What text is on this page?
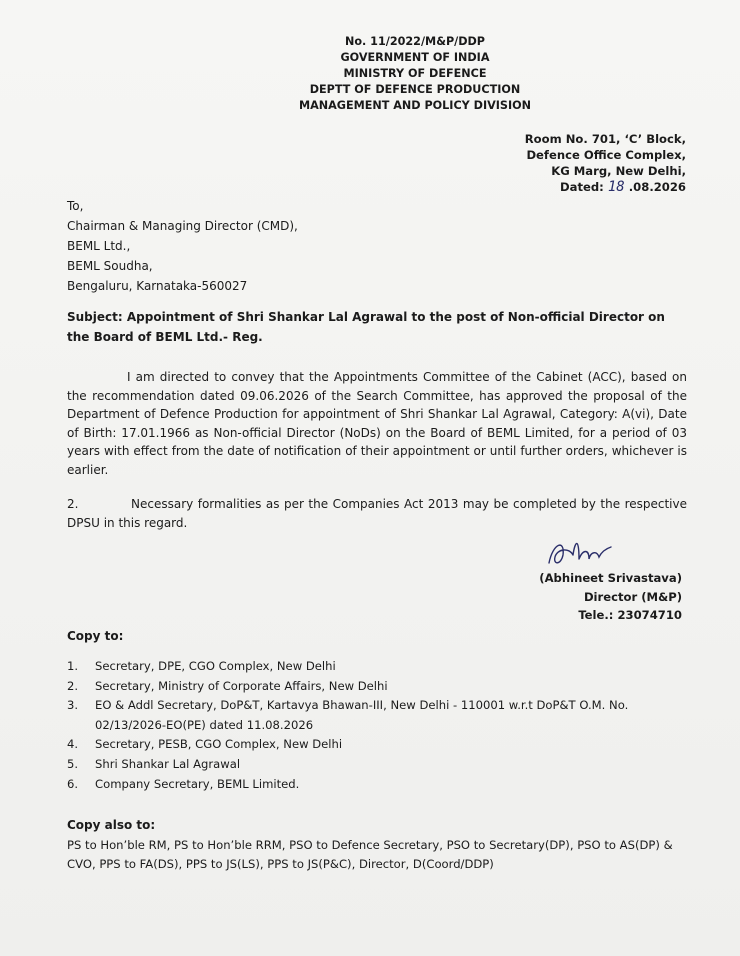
No. 11/2022/M&P/DDP
GOVERNMENT OF INDIA
MINISTRY OF DEFENCE
DEPTT OF DEFENCE PRODUCTION
MANAGEMENT AND POLICY DIVISION
Room No. 701, ‘C’ Block,
Defence Office Complex,
KG Marg, New Delhi,
Dated: 18 .08.2026
To,
Chairman & Managing Director (CMD),
BEML Ltd.,
BEML Soudha,
Bengaluru, Karnataka-560027
Subject: Appointment of Shri Shankar Lal Agrawal to the post of Non-official Director on the Board of BEML Ltd.- Reg.
I am directed to convey that the Appointments Committee of the Cabinet (ACC), based on the recommendation dated 09.06.2026 of the Search Committee, has approved the proposal of the Department of Defence Production for appointment of Shri Shankar Lal Agrawal, Category: A(vi), Date of Birth: 17.01.1966 as Non-official Director (NoDs) on the Board of BEML Limited, for a period of 03 years with effect from the date of notification of their appointment or until further orders, whichever is earlier.
2.	Necessary formalities as per the Companies Act 2013 may be completed by the respective DPSU in this regard.
(Abhineet Srivastava)
Director (M&P)
Tele.: 23074710
Copy to:
1.	Secretary, DPE, CGO Complex, New Delhi
2.	Secretary, Ministry of Corporate Affairs, New Delhi
3.	EO & Addl Secretary, DoP&T, Kartavya Bhawan-III, New Delhi - 110001 w.r.t DoP&T O.M. No. 02/13/2026-EO(PE) dated 11.08.2026
4.	Secretary, PESB, CGO Complex, New Delhi
5.	Shri Shankar Lal Agrawal
6.	Company Secretary, BEML Limited.
Copy also to:
PS to Hon’ble RM, PS to Hon’ble RRM, PSO to Defence Secretary, PSO to Secretary(DP), PSO to AS(DP) & CVO, PPS to FA(DS), PPS to JS(LS), PPS to JS(P&C), Director, D(Coord/DDP)
